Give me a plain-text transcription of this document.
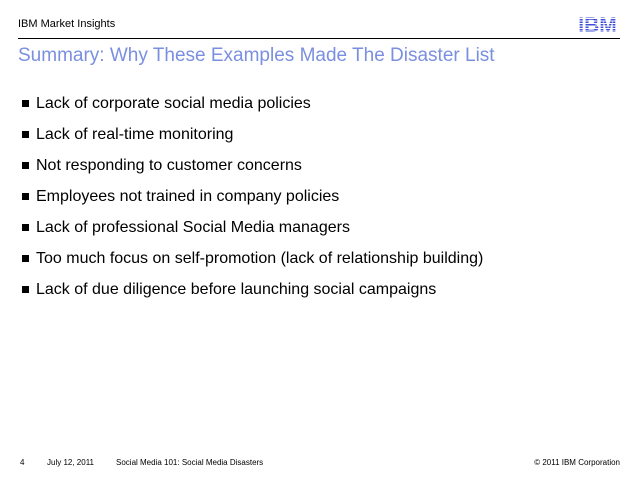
IBM Market Insights	IBM
Summary: Why These Examples Made The Disaster List
Lack of corporate social media policies
Lack of real-time monitoring
Not responding to customer concerns
Employees not trained in company policies
Lack of professional Social Media managers
Too much focus on self-promotion (lack of relationship building)
Lack of due diligence before launching social campaigns
4	July 12, 2011	Social Media 101: Social Media Disasters	© 2011 IBM Corporation
